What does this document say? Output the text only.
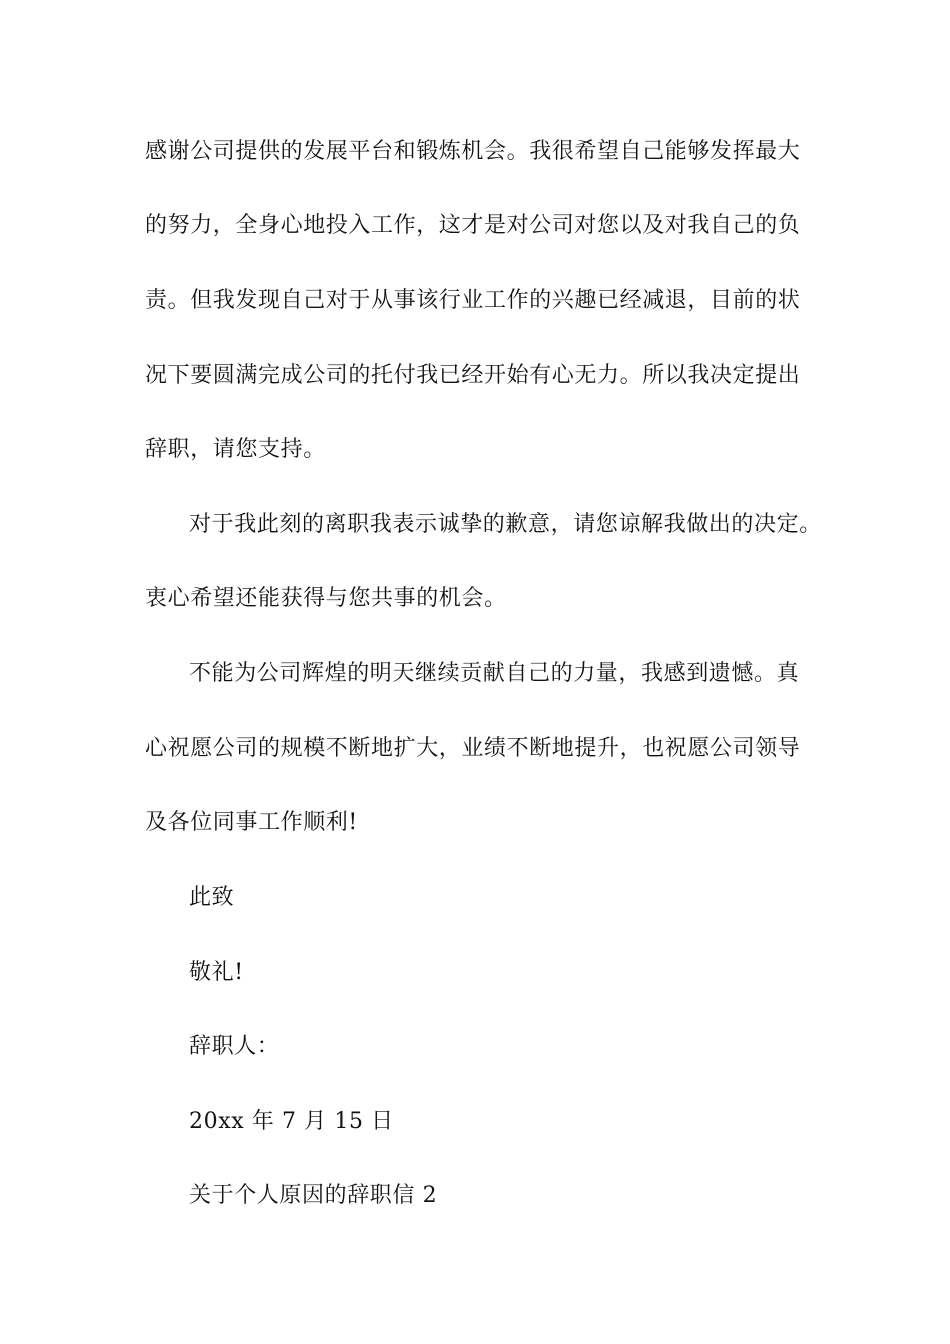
感谢公司提供的发展平台和锻炼机会。我很希望自己能够发挥最大
的努力，全身心地投入工作，这才是对公司对您以及对我自己的负
责。但我发现自己对于从事该行业工作的兴趣已经减退，目前的状
况下要圆满完成公司的托付我已经开始有心无力。所以我决定提出
辞职，请您支持。
对于我此刻的离职我表示诚挚的歉意，请您谅解我做出的决定。
衷心希望还能获得与您共事的机会。
不能为公司辉煌的明天继续贡献自己的力量，我感到遗憾。真
心祝愿公司的规模不断地扩大，业绩不断地提升，也祝愿公司领导
及各位同事工作顺利!
此致
敬礼!
辞职人：
20xx 年 7 月 15 日
关于个人原因的辞职信 2
